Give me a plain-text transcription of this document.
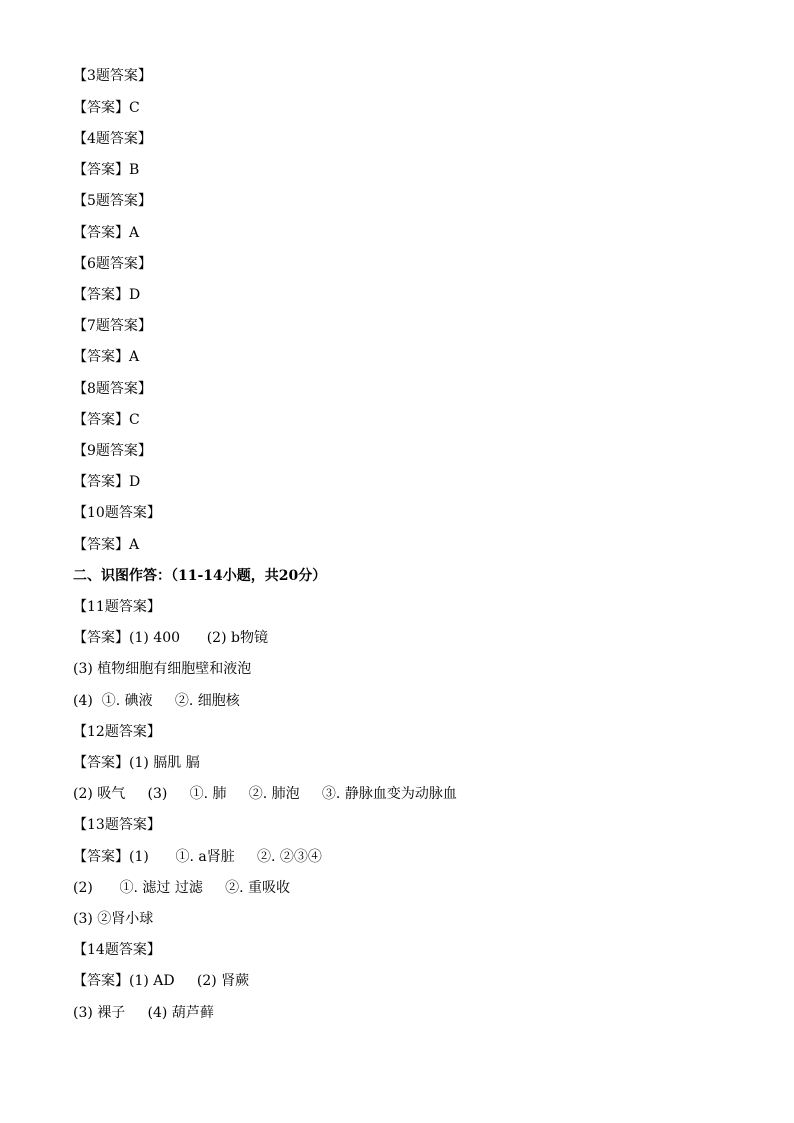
【3题答案】
【答案】C
【4题答案】
【答案】B
【5题答案】
【答案】A
【6题答案】
【答案】D
【7题答案】
【答案】A
【8题答案】
【答案】C
【9题答案】
【答案】D
【10题答案】
【答案】A
二、识图作答：（11-14小题，共20分）
【11题答案】
【答案】(1) 400      (2) b物镜
(3) 植物细胞有细胞壁和液泡
(4)  ①. 碘液     ②. 细胞核
【12题答案】
【答案】(1) 膈肌 膈
(2) 吸气     (3)     ①. 肺     ②. 肺泡     ③. 静脉血变为动脉血
【13题答案】
【答案】(1)      ①. a肾脏     ②. ②③④
(2)      ①. 滤过 过滤     ②. 重吸收
(3) ②肾小球
【14题答案】
【答案】(1) AD     (2) 肾蕨
(3) 裸子     (4) 葫芦藓
